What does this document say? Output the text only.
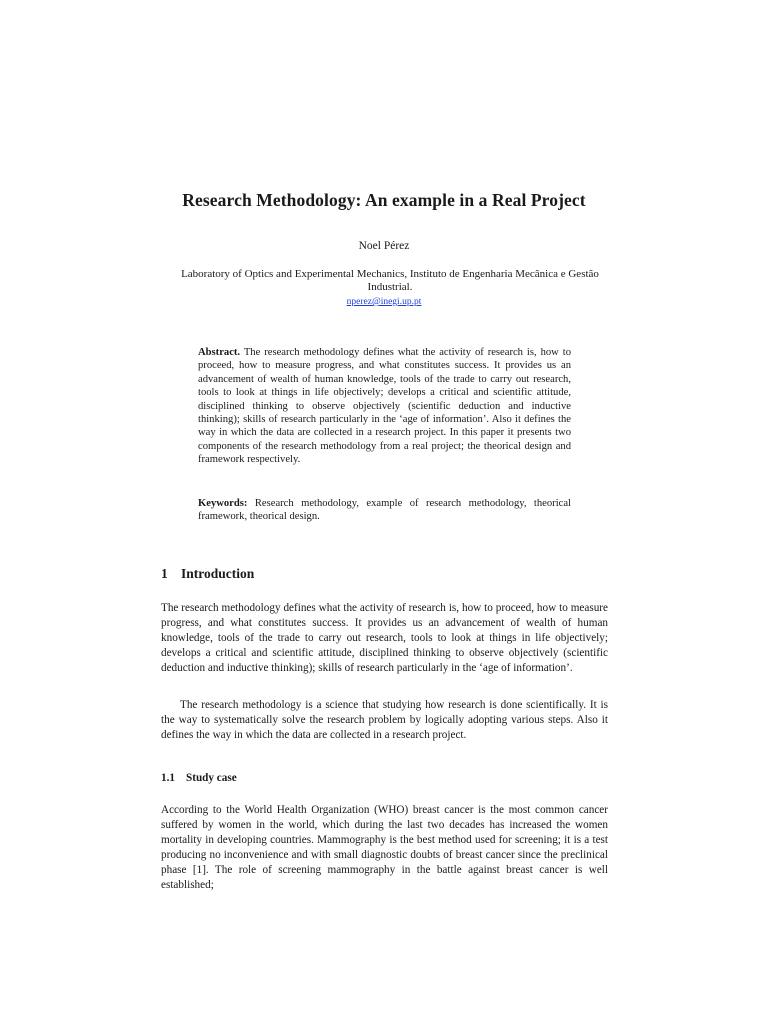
Research Methodology: An example in a Real Project
Noel Pérez
Laboratory of Optics and Experimental Mechanics, Instituto de Engenharia Mecânica e Gestão Industrial.
nperez@inegi.up.pt

Abstract. The research methodology defines what the activity of research is, how to proceed, how to measure progress, and what constitutes success. It provides us an advancement of wealth of human knowledge, tools of the trade to carry out research, tools to look at things in life objectively; develops a critical and scientific attitude, disciplined thinking to observe objectively (scientific deduction and inductive thinking); skills of research particularly in the ‘age of information’. Also it defines the way in which the data are collected in a research project. In this paper it presents two components of the research methodology from a real project; the theorical design and framework respectively.

Keywords: Research methodology, example of research methodology, theorical framework, theorical design.

1 Introduction

The research methodology defines what the activity of research is, how to proceed, how to measure progress, and what constitutes success. It provides us an advancement of wealth of human knowledge, tools of the trade to carry out research, tools to look at things in life objectively; develops a critical and scientific attitude, disciplined thinking to observe objectively (scientific deduction and inductive thinking); skills of research particularly in the ‘age of information’.

The research methodology is a science that studying how research is done scientifically. It is the way to systematically solve the research problem by logically adopting various steps. Also it defines the way in which the data are collected in a research project.

1.1 Study case

According to the World Health Organization (WHO) breast cancer is the most common cancer suffered by women in the world, which during the last two decades has increased the women mortality in developing countries. Mammography is the best method used for screening; it is a test producing no inconvenience and with small diagnostic doubts of breast cancer since the preclinical phase [1]. The role of screening mammography in the battle against breast cancer is well established;
